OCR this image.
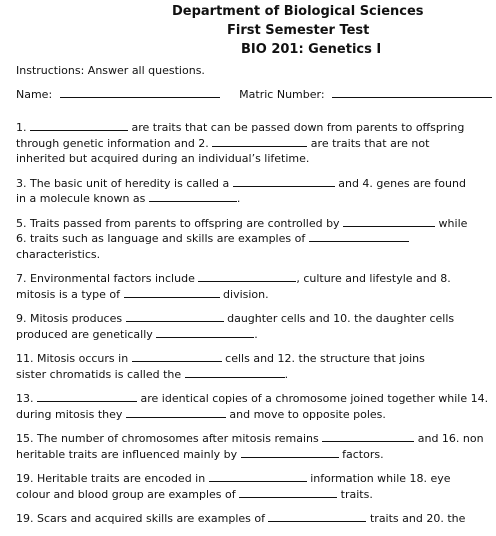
Department of Biological Sciences
First Semester Test
BIO 201: Genetics I
Instructions: Answer all questions.
Name:	Matric Number:

1.	are traits that can be passed down from parents to offspring

through genetic information and 2.	are traits that are not

inherited but acquired during an individual’s lifetime.

3. The basic unit of heredity is called a	and 4. genes are found

in a molecule known as	.

5. Traits passed from parents to offspring are controlled by	while

6. traits such as language and skills are examples of

characteristics.

7. Environmental factors include	, culture and lifestyle and 8.

mitosis is a type of	division.

9. Mitosis produces	daughter cells and 10. the daughter cells

produced are genetically	.

11. Mitosis occurs in	cells and 12. the structure that joins

sister chromatids is called the	.

13.	are identical copies of a chromosome joined together while 14.

during mitosis they	and move to opposite poles.

15. The number of chromosomes after mitosis remains	and 16. non

heritable traits are influenced mainly by	factors.

19. Heritable traits are encoded in	information while 18. eye

colour and blood group are examples of	traits.

19. Scars and acquired skills are examples of	traits and 20. the
